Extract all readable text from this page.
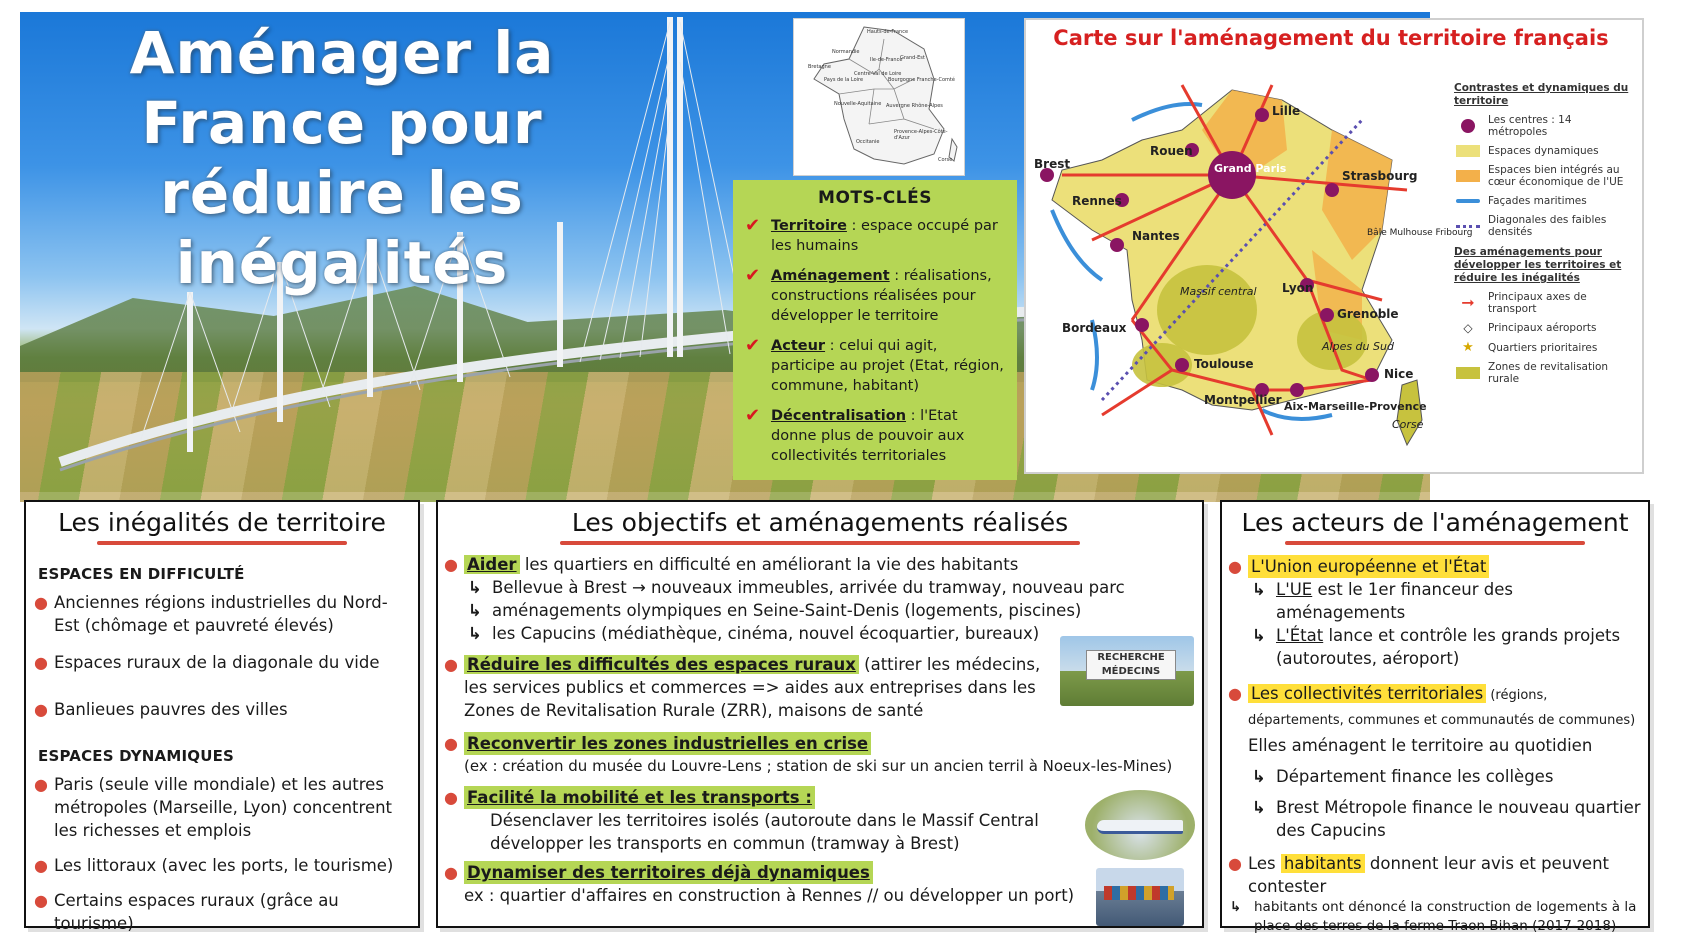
Aménager la France pour réduire les inégalités
Hauts-de-France
Normandie
Ile-de-France
Grand-Est
Bretagne
Pays de la Loire
Centre-Val de Loire
Bourgogne Franche-Comté
Nouvelle-Aquitaine Auvergne Rhône-Alpes
Occitanie
Provence-Alpes-Côte-d'Azur
Corse
MOTS-CLÉS
✔ Territoire : espace occupé par les humains
✔ Aménagement : réalisations, constructions réalisées pour développer le territoire
✔ Acteur : celui qui agit, participe au projet (Etat, région, commune, habitant)
✔ Décentralisation : l'Etat donne plus de pouvoir aux collectivités territoriales
Carte sur l'aménagement du territoire français
Grand Paris
Lille
Rouen
Brest
Strasbourg
Rennes
Nantes	Bâle Mulhouse Fribourg
Lyon
Grenoble
Bordeaux
Toulouse
Nice
Montpellier Aix-Marseille-Provence
Corse
Massif central
Alpes du Sud
Contrastes et dynamiques du territoire
Les centres : 14 métropoles
Espaces dynamiques
Espaces bien intégrés au cœur économique de l'UE
Façades maritimes
Diagonales des faibles densités
Des aménagements pour développer les territoires et réduire les inégalités
➞ Principaux axes de transport
◇ Principaux aéroports
★ Quartiers prioritaires
Zones de revitalisation rurale
Les inégalités de territoire
ESPACES EN DIFFICULTÉ
● Anciennes régions industrielles du Nord-Est (chômage et pauvreté élevés)
● Espaces ruraux de la diagonale du vide
● Banlieues pauvres des villes
ESPACES DYNAMIQUES
● Paris (seule ville mondiale) et les autres métropoles (Marseille, Lyon) concentrent les richesses et emplois
● Les littoraux (avec les ports, le tourisme)
● Certains espaces ruraux (grâce au tourisme)
Les objectifs et aménagements réalisés
● Aider les quartiers en difficulté en améliorant la vie des habitants
↳ Bellevue à Brest → nouveaux immeubles, arrivée du tramway, nouveau parc
↳ aménagements olympiques en Seine-Saint-Denis (logements, piscines)
↳ les Capucins (médiathèque, cinéma, nouvel écoquartier, bureaux)
● Réduire les difficultés des espaces ruraux (attirer les médecins, les services publics et commerces => aides aux entreprises dans les Zones de Revitalisation Rurale (ZRR), maisons de santé
● Reconvertir les zones industrielles en crise
(ex : création du musée du Louvre-Lens ; station de ski sur un ancien terril à Noeux-les-Mines)
● Facilité la mobilité et les transports :
Désenclaver les territoires isolés (autoroute dans le Massif Central
développer les transports en commun (tramway à Brest)
● Dynamiser des territoires déjà dynamiques
ex : quartier d'affaires en construction à Rennes // ou développer un port)
RECHERCHE MÉDECINS
Les acteurs de l'aménagement
● L'Union européenne et l'État
↳ L'UE est le 1er financeur des aménagements
↳ L'État lance et contrôle les grands projets (autoroutes, aéroport)
● Les collectivités territoriales (régions, départements, communes et communautés de communes)
Elles aménagent le territoire au quotidien
↳ Département finance les collèges
↳ Brest Métropole finance le nouveau quartier des Capucins
● Les habitants donnent leur avis et peuvent contester
↳ habitants ont dénoncé la construction de logements à la place des terres de la ferme Traon Bihan (2017-2018)
